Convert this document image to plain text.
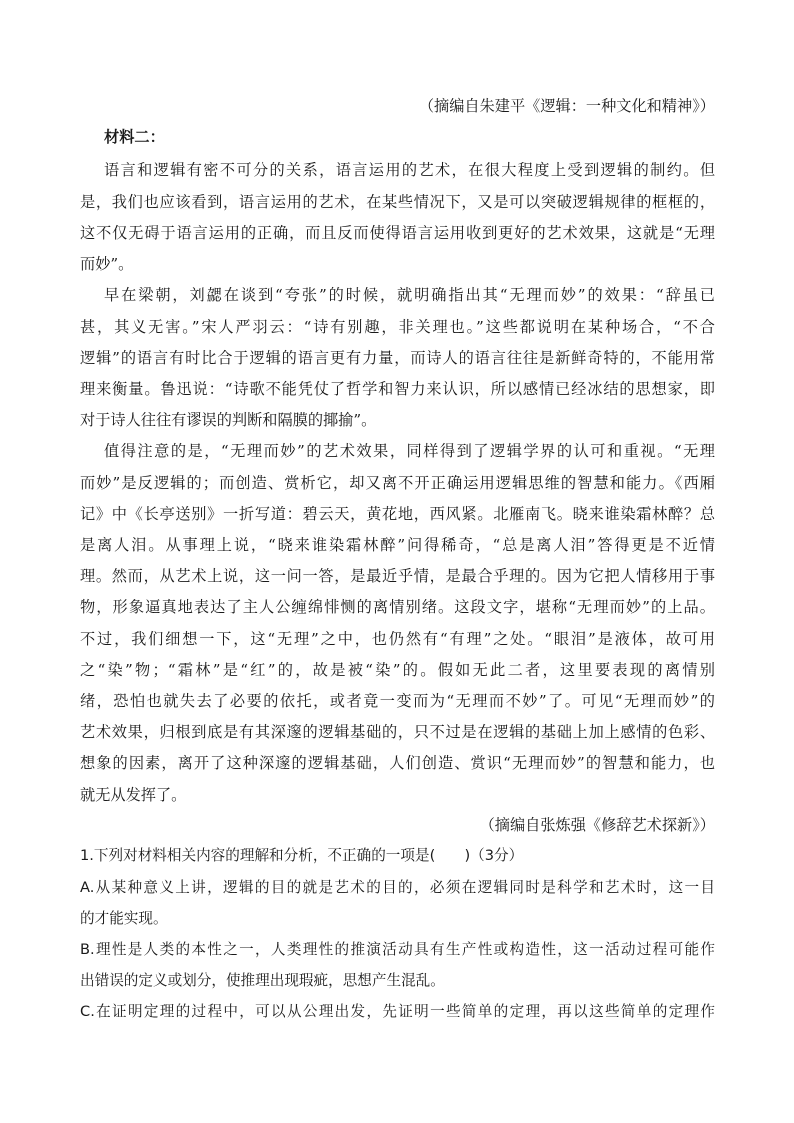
（摘编自朱建平《逻辑：一种文化和精神》）
材料二：
语言和逻辑有密不可分的关系，语言运用的艺术，在很大程度上受到逻辑的制约。但
是，我们也应该看到，语言运用的艺术，在某些情况下，又是可以突破逻辑规律的框框的，
这不仅无碍于语言运用的正确，而且反而使得语言运用收到更好的艺术效果，这就是“无理
而妙”。
早在梁朝，刘勰在谈到“夸张”的时候，就明确指出其“无理而妙”的效果：“辞虽已
甚，其义无害。”宋人严羽云：“诗有别趣，非关理也。”这些都说明在某种场合，“不合
逻辑”的语言有时比合于逻辑的语言更有力量，而诗人的语言往往是新鲜奇特的，不能用常
理来衡量。鲁迅说：“诗歌不能凭仗了哲学和智力来认识，所以感情已经冰结的思想家，即
对于诗人往往有谬误的判断和隔膜的揶揄”。
值得注意的是，“无理而妙”的艺术效果，同样得到了逻辑学界的认可和重视。“无理
而妙”是反逻辑的；而创造、赏析它，却又离不开正确运用逻辑思维的智慧和能力。《西厢
记》中《长亭送别》一折写道：碧云天，黄花地，西风紧。北雁南飞。晓来谁染霜林醉？总
是离人泪。从事理上说，“晓来谁染霜林醉”问得稀奇，“总是离人泪”答得更是不近情
理。然而，从艺术上说，这一问一答，是最近乎情，是最合乎理的。因为它把人情移用于事
物，形象逼真地表达了主人公缠绵悱恻的离情别绪。这段文字，堪称“无理而妙”的上品。
不过，我们细想一下，这“无理”之中，也仍然有“有理”之处。“眼泪”是液体，故可用
之“染”物；“霜林”是“红”的，故是被“染”的。假如无此二者，这里要表现的离情别
绪，恐怕也就失去了必要的依托，或者竟一变而为“无理而不妙”了。可见“无理而妙”的
艺术效果，归根到底是有其深邃的逻辑基础的，只不过是在逻辑的基础上加上感情的色彩、
想象的因素，离开了这种深邃的逻辑基础，人们创造、赏识“无理而妙”的智慧和能力，也
就无从发挥了。
（摘编自张炼强《修辞艺术探新》）
1.下列对材料相关内容的理解和分析，不正确的一项是(　　)（3分）
A.从某种意义上讲，逻辑的目的就是艺术的目的，必须在逻辑同时是科学和艺术时，这一目
的才能实现。
B.理性是人类的本性之一，人类理性的推演活动具有生产性或构造性，这一活动过程可能作
出错误的定义或划分，使推理出现瑕疵，思想产生混乱。
C.在证明定理的过程中，可以从公理出发，先证明一些简单的定理，再以这些简单的定理作
